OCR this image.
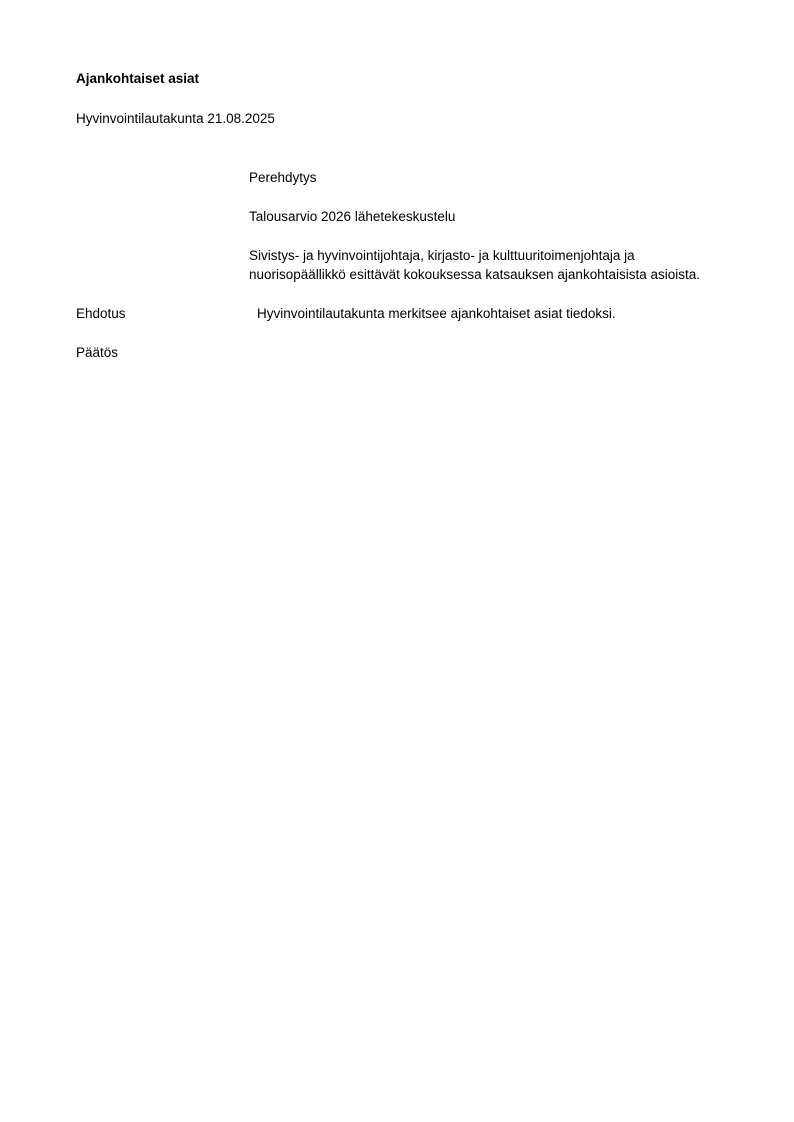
Ajankohtaiset asiat
Hyvinvointilautakunta 21.08.2025
Perehdytys
Talousarvio 2026 lähetekeskustelu
Sivistys- ja hyvinvointijohtaja, kirjasto- ja kulttuuritoimenjohtaja ja
nuorisopäällikkö esittävät kokouksessa katsauksen ajankohtaisista asioista.
Ehdotus	Hyvinvointilautakunta merkitsee ajankohtaiset asiat tiedoksi.
Päätös
